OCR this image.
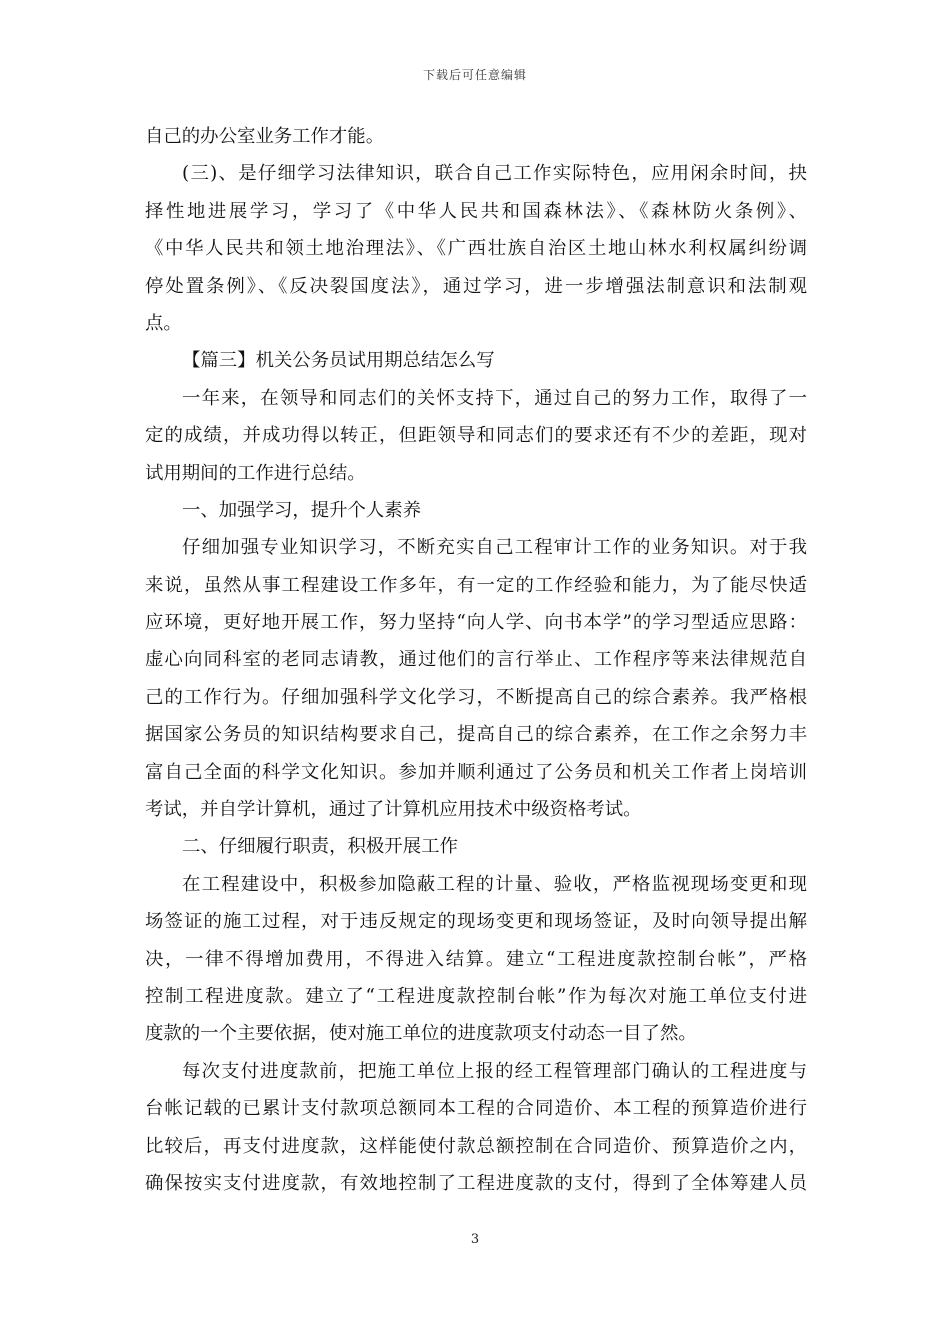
下载后可任意编辑
自己的办公室业务工作才能。
(三)、是仔细学习法律知识，联合自己工作实际特色，应用闲余时间，抉
择性地进展学习，学习了《中华人民共和国森林法》、《森林防火条例》、
《中华人民共和领土地治理法》、《广西壮族自治区土地山林水利权属纠纷调
停处置条例》、《反决裂国度法》，通过学习，进一步增强法制意识和法制观
点。
【篇三】机关公务员试用期总结怎么写
一年来，在领导和同志们的关怀支持下，通过自己的努力工作，取得了一
定的成绩，并成功得以转正，但距领导和同志们的要求还有不少的差距，现对
试用期间的工作进行总结。
一、加强学习，提升个人素养
仔细加强专业知识学习，不断充实自己工程审计工作的业务知识。对于我
来说，虽然从事工程建设工作多年，有一定的工作经验和能力，为了能尽快适
应环境，更好地开展工作，努力坚持“向人学、向书本学”的学习型适应思路：
虚心向同科室的老同志请教，通过他们的言行举止、工作程序等来法律规范自
己的工作行为。仔细加强科学文化学习，不断提高自己的综合素养。我严格根
据国家公务员的知识结构要求自己，提高自己的综合素养，在工作之余努力丰
富自己全面的科学文化知识。参加并顺利通过了公务员和机关工作者上岗培训
考试，并自学计算机，通过了计算机应用技术中级资格考试。
二、仔细履行职责，积极开展工作
在工程建设中，积极参加隐蔽工程的计量、验收，严格监视现场变更和现
场签证的施工过程，对于违反规定的现场变更和现场签证，及时向领导提出解
决，一律不得增加费用，不得进入结算。建立“工程进度款控制台帐”，严格
控制工程进度款。建立了“工程进度款控制台帐”作为每次对施工单位支付进
度款的一个主要依据，使对施工单位的进度款项支付动态一目了然。
每次支付进度款前，把施工单位上报的经工程管理部门确认的工程进度与
台帐记载的已累计支付款项总额同本工程的合同造价、本工程的预算造价进行
比较后，再支付进度款，这样能使付款总额控制在合同造价、预算造价之内，
确保按实支付进度款，有效地控制了工程进度款的支付，得到了全体筹建人员
3
